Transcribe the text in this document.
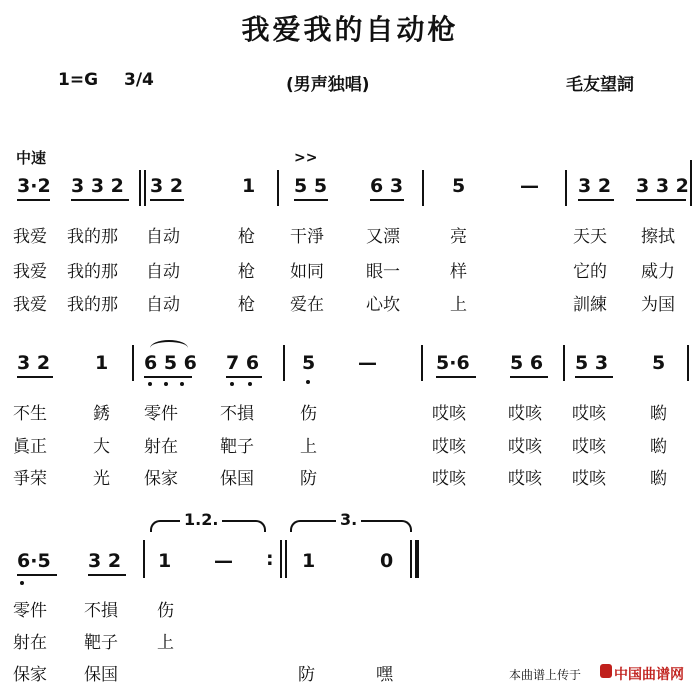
我爱我的自动枪
1=G 3/4	(男声独唱)	毛友望詞
中速
3·2 3 3 2 3 2	1
>>
5 5 6 3	5	— 3 2 3 3 2
我爱 我的那 自动	枪 干淨 又漂	亮	天天 擦拭
我爱 我的那 自动	枪 如同 眼一	样	它的 威力
我爱 我的那 自动	枪 爱在 心坎	上	訓練 为国
3 2 1 6 5 6 7 6 5 —	5·6 5 6 5 3 5
不生	銹 零件 不損	伤	哎咳 哎咳 哎咳	喲
眞正	大 射在 靶子	上	哎咳 哎咳 哎咳	喲
爭荣	光 保家 保国	防	哎咳 哎咳 哎咳	喲
1.2.	3.
6·5 3 2 1 — : 1	0
零件 不損 伤
射在 靶子 上
保家 保国	防	嘿	本曲谱上传于 中国曲谱网
